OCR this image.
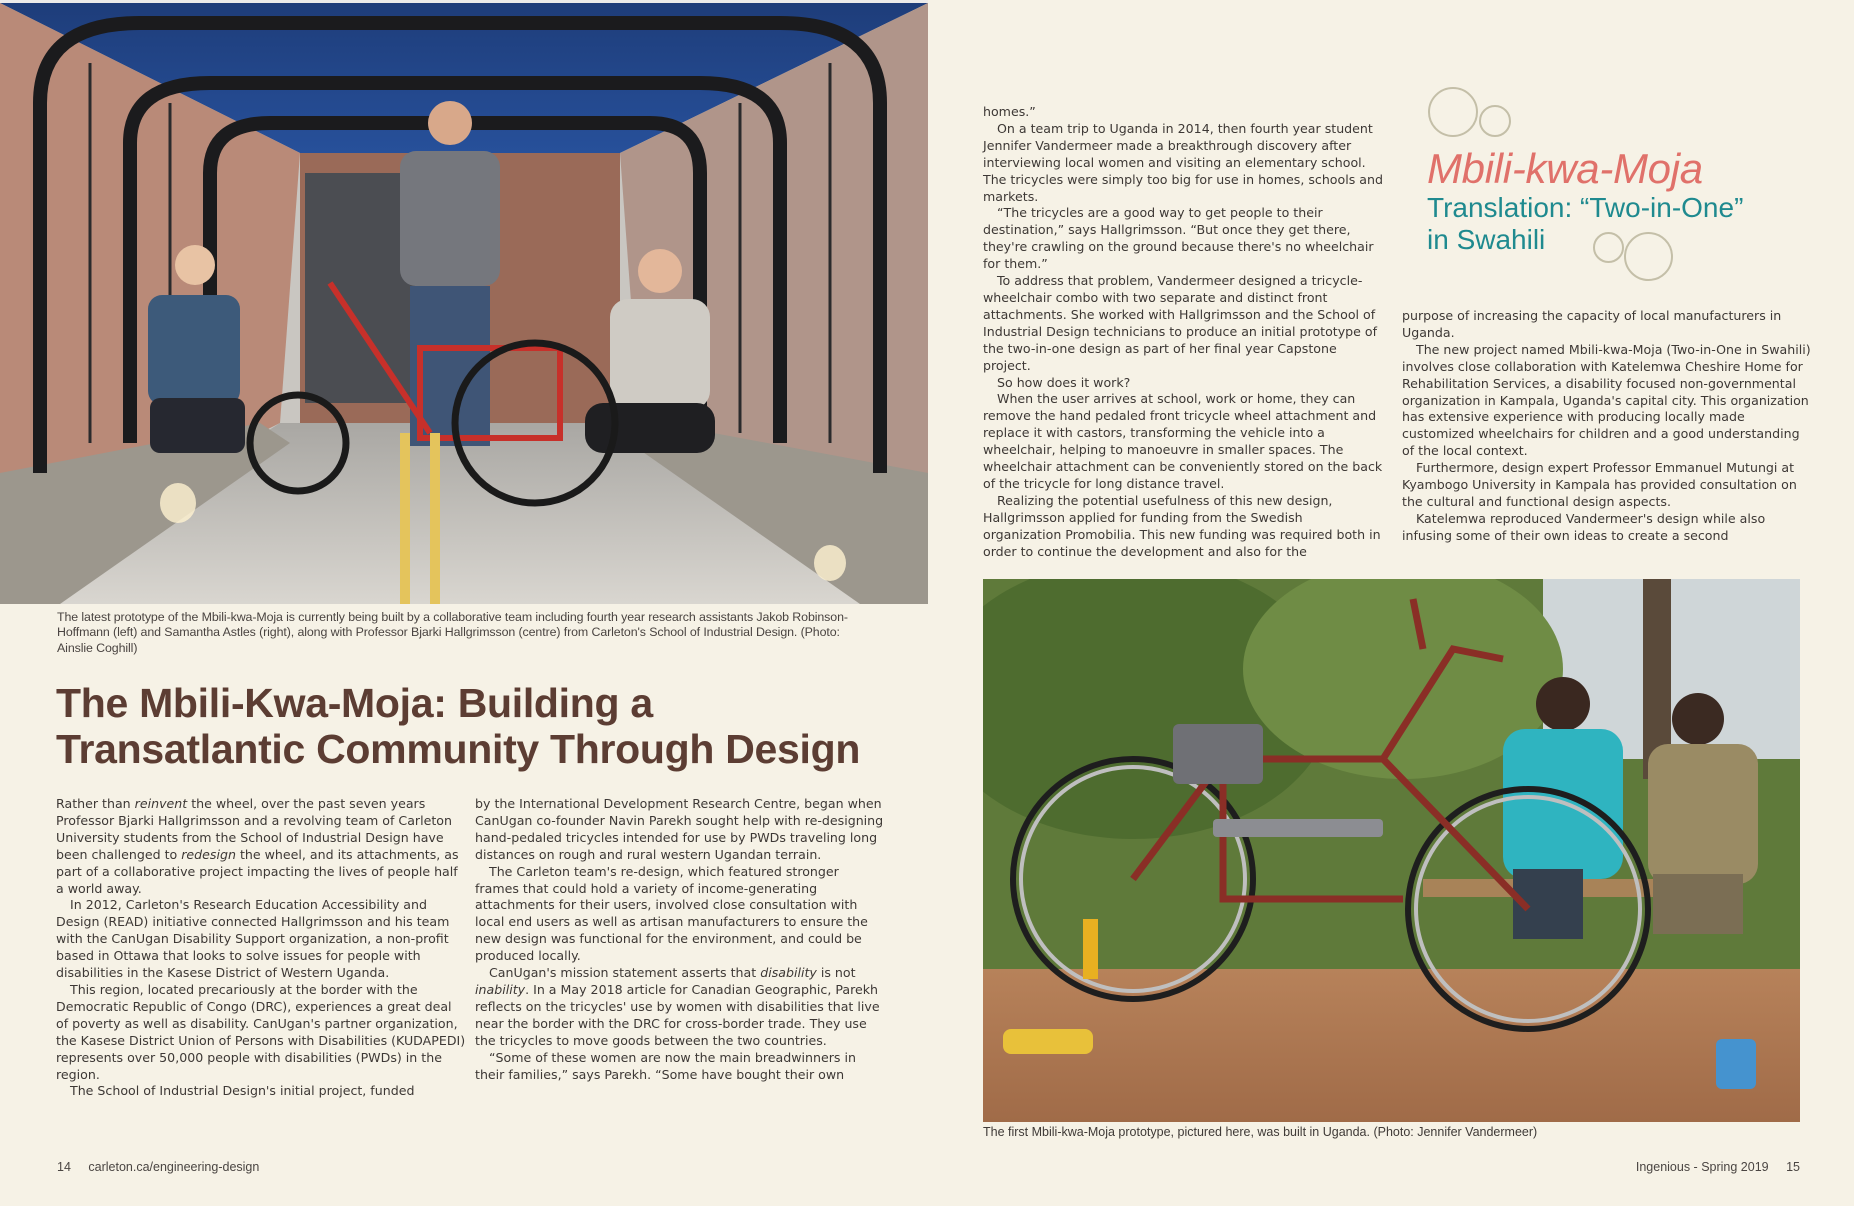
The latest prototype of the Mbili-kwa-Moja is currently being built by a collaborative team including fourth year research assistants Jakob Robinson-Hoffmann (left) and Samantha Astles (right), along with Professor Bjarki Hallgrimsson (centre) from Carleton's School of Industrial Design. (Photo: Ainslie Coghill)
The Mbili-Kwa-Moja: Building a
Transatlantic Community Through Design

Rather than reinvent the wheel, over the past seven years Professor Bjarki Hallgrimsson and a revolving team of Carleton University students from the School of Industrial Design have been challenged to redesign the wheel, and its attachments, as part of a collaborative project impacting the lives of people half a world away.

In 2012, Carleton's Research Education Accessibility and Design (READ) initiative connected Hallgrimsson and his team with the CanUgan Disability Support organization, a non-profit based in Ottawa that looks to solve issues for people with disabilities in the Kasese District of Western Uganda.

This region, located precariously at the border with the Democratic Republic of Congo (DRC), experiences a great deal of poverty as well as disability. CanUgan's partner organization, the Kasese District Union of Persons with Disabilities (KUDAPEDI) represents over 50,000 people with disabilities (PWDs) in the region.

The School of Industrial Design's initial project, funded

by the International Development Research Centre, began when CanUgan co-founder Navin Parekh sought help with re-designing hand-pedaled tricycles intended for use by PWDs traveling long distances on rough and rural western Ugandan terrain.

The Carleton team's re-design, which featured stronger frames that could hold a variety of income-generating attachments for their users, involved close consultation with local end users as well as artisan manufacturers to ensure the new design was functional for the environment, and could be produced locally.

CanUgan's mission statement asserts that disability is not inability. In a May 2018 article for Canadian Geographic, Parekh reflects on the tricycles' use by women with disabilities that live near the border with the DRC for cross-border trade. They use the tricycles to move goods between the two countries.

“Some of these women are now the main breadwinners in their families,” says Parekh. “Some have bought their own

14 carleton.ca/engineering-design

homes.”

On a team trip to Uganda in 2014, then fourth year student Jennifer Vandermeer made a breakthrough discovery after interviewing local women and visiting an elementary school. The tricycles were simply too big for use in homes, schools and markets.

“The tricycles are a good way to get people to their destination,” says Hallgrimsson. “But once they get there, they're crawling on the ground because there's no wheelchair for them.”

To address that problem, Vandermeer designed a tricycle-wheelchair combo with two separate and distinct front attachments. She worked with Hallgrimsson and the School of Industrial Design technicians to produce an initial prototype of the two-in-one design as part of her final year Capstone project.

So how does it work?

When the user arrives at school, work or home, they can remove the hand pedaled front tricycle wheel attachment and replace it with castors, transforming the vehicle into a wheelchair, helping to manoeuvre in smaller spaces. The wheelchair attachment can be conveniently stored on the back of the tricycle for long distance travel.

Realizing the potential usefulness of this new design, Hallgrimsson applied for funding from the Swedish organization Promobilia. This new funding was required both in order to continue the development and also for the

Mbili-kwa-Moja
Translation: “Two-in-One”
in Swahili

purpose of increasing the capacity of local manufacturers in Uganda.

The new project named Mbili-kwa-Moja (Two-in-One in Swahili) involves close collaboration with Katelemwa Cheshire Home for Rehabilitation Services, a disability focused non-governmental organization in Kampala, Uganda's capital city. This organization has extensive experience with producing locally made customized wheelchairs for children and a good understanding of the local context.

Furthermore, design expert Professor Emmanuel Mutungi at Kyambogo University in Kampala has provided consultation on the cultural and functional design aspects.

Katelemwa reproduced Vandermeer's design while also infusing some of their own ideas to create a second

The first Mbili-kwa-Moja prototype, pictured here, was built in Uganda. (Photo: Jennifer Vandermeer)
Ingenious - Spring 2019 15
